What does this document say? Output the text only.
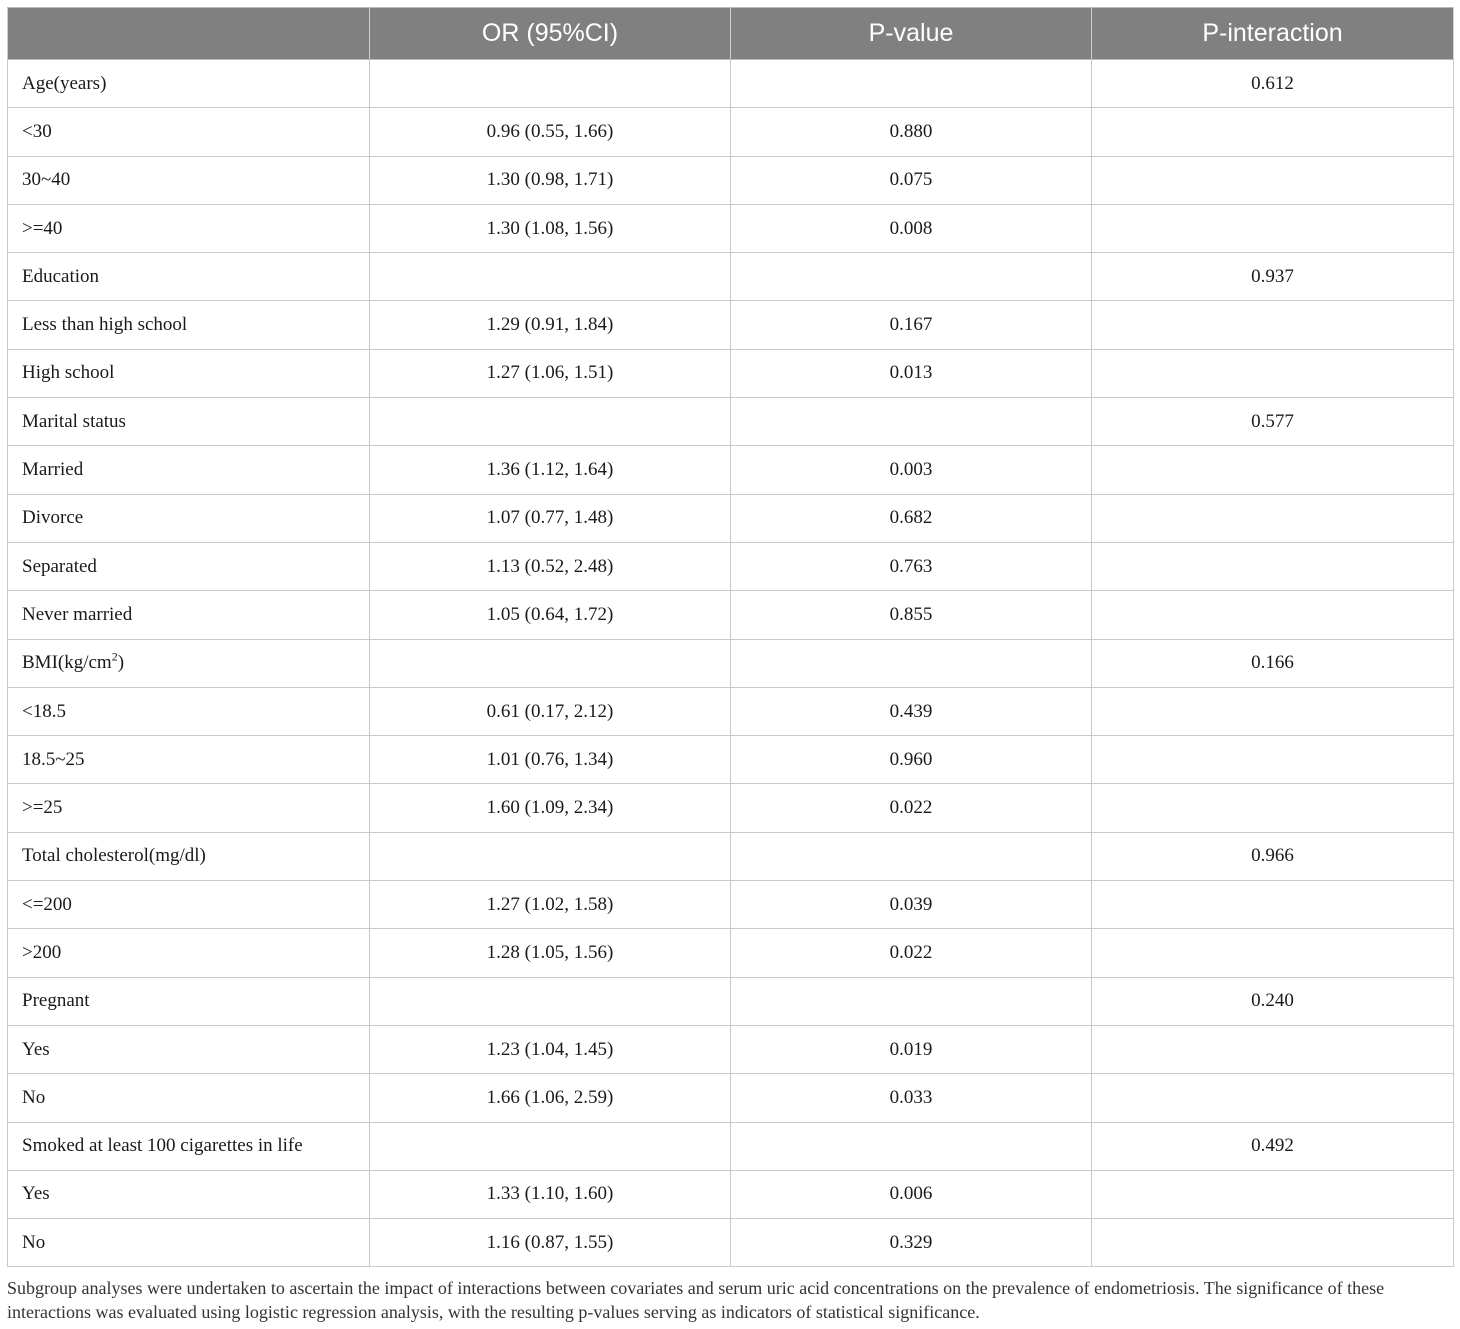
	OR (95%CI)	P-value	P-interaction
Age(years)			0.612
<30	0.96 (0.55, 1.66)	0.880	
30~40	1.30 (0.98, 1.71)	0.075	
>=40	1.30 (1.08, 1.56)	0.008	
Education			0.937
Less than high school	1.29 (0.91, 1.84)	0.167	
High school	1.27 (1.06, 1.51)	0.013	
Marital status			0.577
Married	1.36 (1.12, 1.64)	0.003	
Divorce	1.07 (0.77, 1.48)	0.682	
Separated	1.13 (0.52, 2.48)	0.763	
Never married	1.05 (0.64, 1.72)	0.855	
$BMI(kg/cm^2)$			0.166
<18.5	0.61 (0.17, 2.12)	0.439	
18.5~25	1.01 (0.76, 1.34)	0.960	
>=25	1.60 (1.09, 2.34)	0.022	
Total cholesterol(mg/dl)			0.966
<=200	1.27 (1.02, 1.58)	0.039	
>200	1.28 (1.05, 1.56)	0.022	
Pregnant			0.240
Yes	1.23 (1.04, 1.45)	0.019	
No	1.66 (1.06, 2.59)	0.033	
Smoked at least 100 cigarettes in life			0.492
Yes	1.33 (1.10, 1.60)	0.006	
No	1.16 (0.87, 1.55)	0.329	

Subgroup analyses were undertaken to ascertain the impact of interactions between covariates and serum uric acid concentrations on the prevalence of endometriosis. The significance of these interactions was evaluated using logistic regression analysis, with the resulting p-values serving as indicators of statistical significance.
